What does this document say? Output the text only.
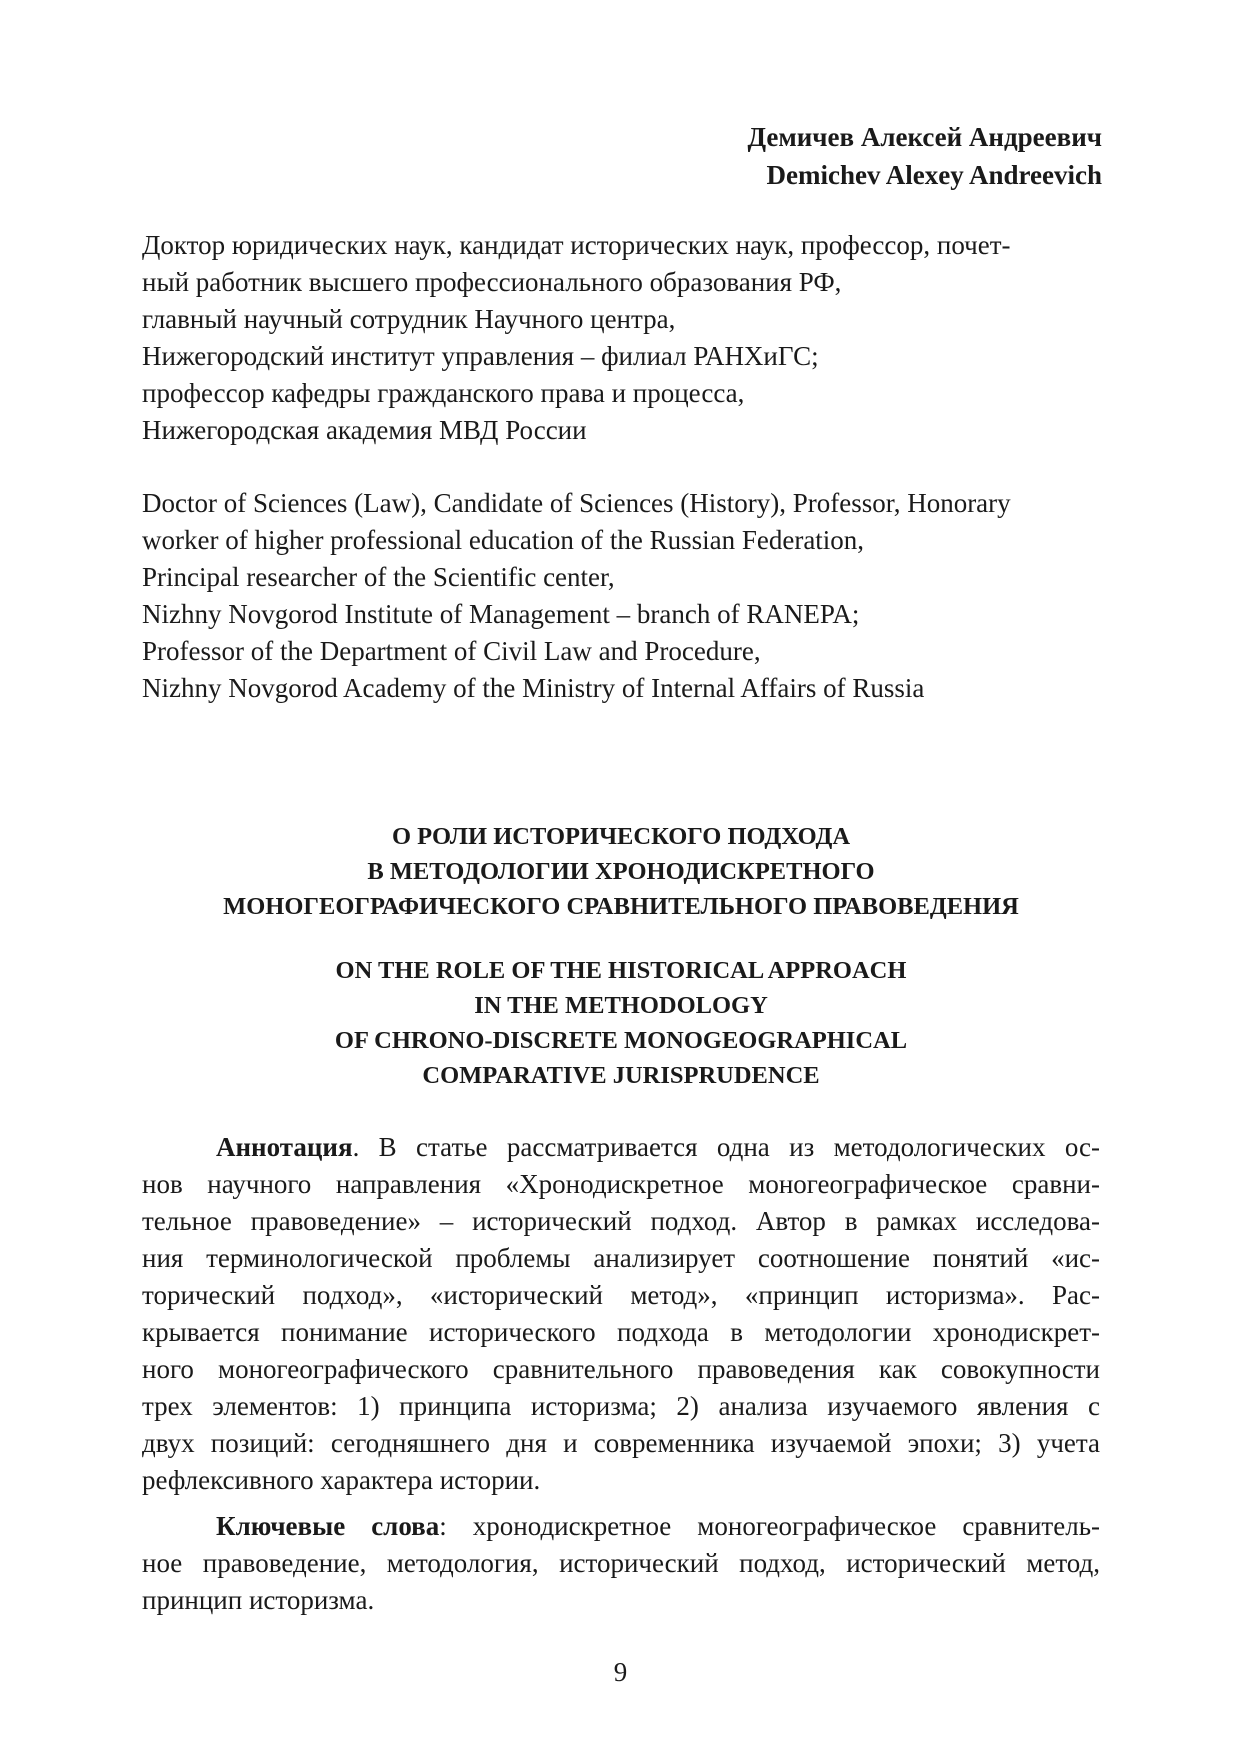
Демичев Алексей Андреевич
Demichev Alexey Andreevich
Доктор юридических наук, кандидат исторических наук, профессор, почет-
ный работник высшего профессионального образования РФ,
главный научный сотрудник Научного центра,
Нижегородский институт управления – филиал РАНХиГС;
профессор кафедры гражданского права и процесса,
Нижегородская академия МВД России
Doctor of Sciences (Law), Candidate of Sciences (History), Professor, Honorary
worker of higher professional education of the Russian Federation,
Principal researcher of the Scientific center,
Nizhny Novgorod Institute of Management – branch of RANEPA;
Professor of the Department of Civil Law and Procedure,
Nizhny Novgorod Academy of the Ministry of Internal Affairs of Russia
О РОЛИ ИСТОРИЧЕСКОГО ПОДХОДА
В МЕТОДОЛОГИИ ХРОНОДИСКРЕТНОГО
МОНОГЕОГРАФИЧЕСКОГО СРАВНИТЕЛЬНОГО ПРАВОВЕДЕНИЯ
ON THE ROLE OF THE HISTORICAL APPROACH
IN THE METHODOLOGY
OF CHRONO-DISCRETE MONOGEOGRAPHICAL
COMPARATIVE JURISPRUDENCE
Аннотация. В статье рассматривается одна из методологических ос-
нов научного направления «Хронодискретное моногеографическое сравни-
тельное правоведение» – исторический подход. Автор в рамках исследова-
ния терминологической проблемы анализирует соотношение понятий «ис-
торический подход», «исторический метод», «принцип историзма». Рас-
крывается понимание исторического подхода в методологии хронодискрет-
ного моногеографического сравнительного правоведения как совокупности
трех элементов: 1) принципа историзма; 2) анализа изучаемого явления с
двух позиций: сегодняшнего дня и современника изучаемой эпохи; 3) учета
рефлексивного характера истории.
Ключевые слова: хронодискретное моногеографическое сравнитель-
ное правоведение, методология, исторический подход, исторический метод,
принцип историзма.
9
